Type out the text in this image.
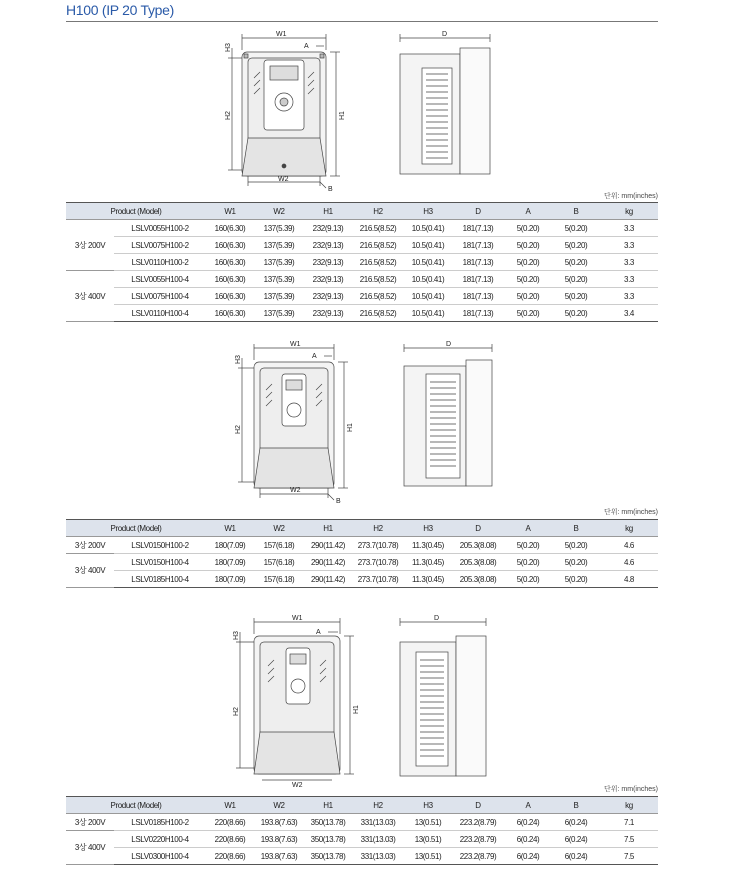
H100 (IP 20 Type)
W1
W2
A
B
H2
H3
H1
D
단위: mm(inches)
Product (Model)		W1	W2	H1	H2	H3	D	A	B	kg
3상 200V	LSLV0055H100-2	160(6.30)	137(5.39)	232(9.13)	216.5(8.52)	10.5(0.41)	181(7.13)	5(0.20)	5(0.20)	3.3
	LSLV0075H100-2	160(6.30)	137(5.39)	232(9.13)	216.5(8.52)	10.5(0.41)	181(7.13)	5(0.20)	5(0.20)	3.3
	LSLV0110H100-2	160(6.30)	137(5.39)	232(9.13)	216.5(8.52)	10.5(0.41)	181(7.13)	5(0.20)	5(0.20)	3.3
3상 400V	LSLV0055H100-4	160(6.30)	137(5.39)	232(9.13)	216.5(8.52)	10.5(0.41)	181(7.13)	5(0.20)	5(0.20)	3.3
	LSLV0075H100-4	160(6.30)	137(5.39)	232(9.13)	216.5(8.52)	10.5(0.41)	181(7.13)	5(0.20)	5(0.20)	3.3
	LSLV0110H100-4	160(6.30)	137(5.39)	232(9.13)	216.5(8.52)	10.5(0.41)	181(7.13)	5(0.20)	5(0.20)	3.4
W1
W2
A
B
H2
H3
H1
D
단위: mm(inches)
Product (Model)		W1	W2	H1	H2	H3	D	A	B	kg
3상 200V	LSLV0150H100-2	180(7.09)	157(6.18)	290(11.42)	273.7(10.78)	11.3(0.45)	205.3(8.08)	5(0.20)	5(0.20)	4.6
3상 400V	LSLV0150H100-4	180(7.09)	157(6.18)	290(11.42)	273.7(10.78)	11.3(0.45)	205.3(8.08)	5(0.20)	5(0.20)	4.6
	LSLV0185H100-4	180(7.09)	157(6.18)	290(11.42)	273.7(10.78)	11.3(0.45)	205.3(8.08)	5(0.20)	5(0.20)	4.8
W1
W2
A
H2
H3
H1
D
단위: mm(inches)
Product (Model)		W1	W2	H1	H2	H3	D	A	B	kg
3상 200V	LSLV0185H100-2	220(8.66)	193.8(7.63)	350(13.78)	331(13.03)	13(0.51)	223.2(8.79)	6(0.24)	6(0.24)	7.1
3상 400V	LSLV0220H100-4	220(8.66)	193.8(7.63)	350(13.78)	331(13.03)	13(0.51)	223.2(8.79)	6(0.24)	6(0.24)	7.5
	LSLV0300H100-4	220(8.66)	193.8(7.63)	350(13.78)	331(13.03)	13(0.51)	223.2(8.79)	6(0.24)	6(0.24)	7.5
